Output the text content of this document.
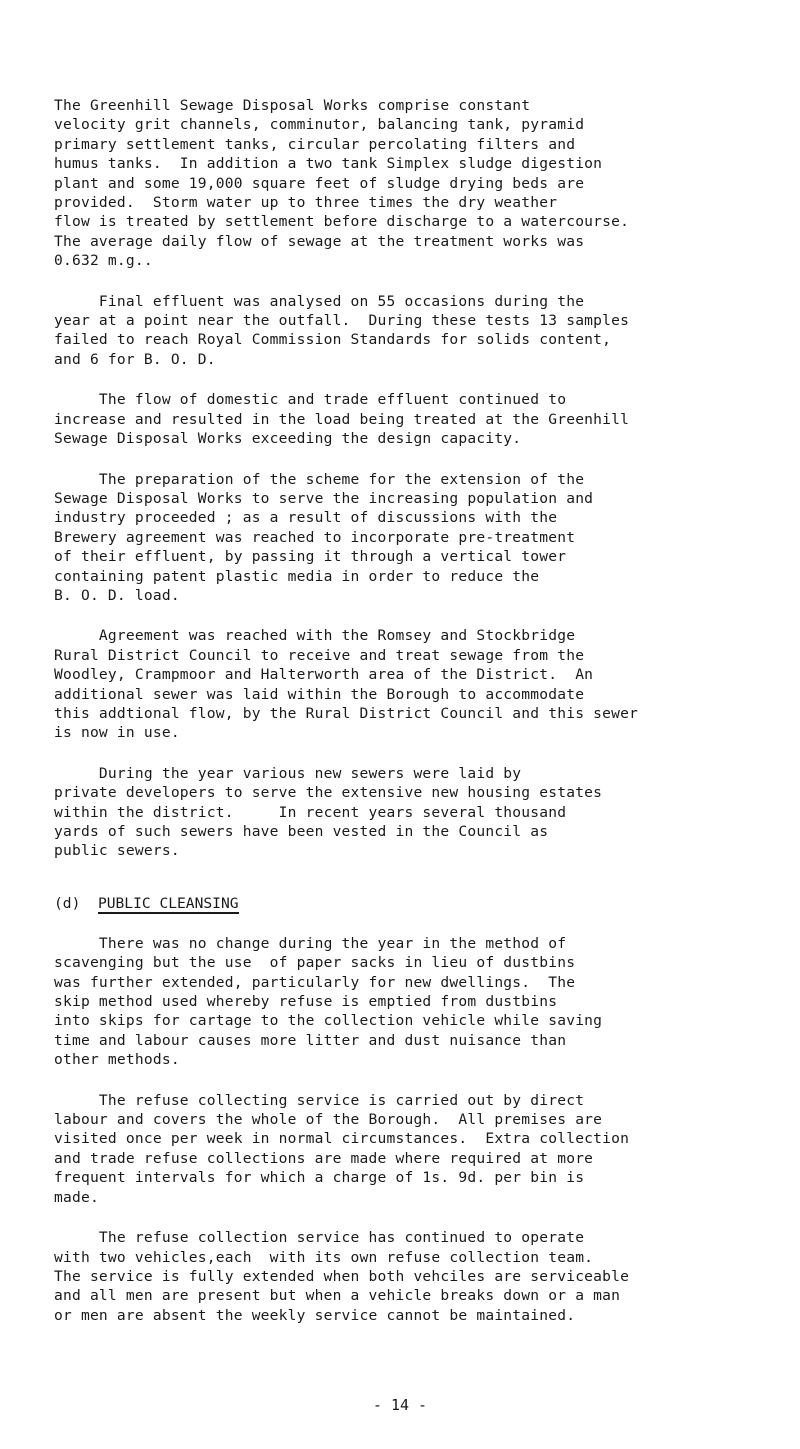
The Greenhill Sewage Disposal Works comprise constant
velocity grit channels, comminutor, balancing tank, pyramid
primary settlement tanks, circular percolating filters and
humus tanks.  In addition a two tank Simplex sludge digestion
plant and some 19,000 square feet of sludge drying beds are
provided.  Storm water up to three times the dry weather
flow is treated by settlement before discharge to a watercourse.
The average daily flow of sewage at the treatment works was
0.632 m.g..
Final effluent was analysed on 55 occasions during the
year at a point near the outfall.  During these tests 13 samples
failed to reach Royal Commission Standards for solids content,
and 6 for B. O. D.
The flow of domestic and trade effluent continued to
increase and resulted in the load being treated at the Greenhill
Sewage Disposal Works exceeding the design capacity.
The preparation of the scheme for the extension of the
Sewage Disposal Works to serve the increasing population and
industry proceeded ; as a result of discussions with the
Brewery agreement was reached to incorporate pre-treatment
of their effluent, by passing it through a vertical tower
containing patent plastic media in order to reduce the
B. O. D. load.
Agreement was reached with the Romsey and Stockbridge
Rural District Council to receive and treat sewage from the
Woodley, Crampmoor and Halterworth area of the District.  An
additional sewer was laid within the Borough to accommodate
this addtional flow, by the Rural District Council and this sewer
is now in use.
During the year various new sewers were laid by
private developers to serve the extensive new housing estates
within the district.     In recent years several thousand
yards of such sewers have been vested in the Council as
public sewers.
(d) PUBLIC CLEANSING
There was no change during the year in the method of
scavenging but the use  of paper sacks in lieu of dustbins
was further extended, particularly for new dwellings.  The
skip method used whereby refuse is emptied from dustbins
into skips for cartage to the collection vehicle while saving
time and labour causes more litter and dust nuisance than
other methods.
The refuse collecting service is carried out by direct
labour and covers the whole of the Borough.  All premises are
visited once per week in normal circumstances.  Extra collection
and trade refuse collections are made where required at more
frequent intervals for which a charge of 1s. 9d. per bin is
made.
The refuse collection service has continued to operate
with two vehicles,each  with its own refuse collection team.
The service is fully extended when both vehciles are serviceable
and all men are present but when a vehicle breaks down or a man
or men are absent the weekly service cannot be maintained.
- 14 -
